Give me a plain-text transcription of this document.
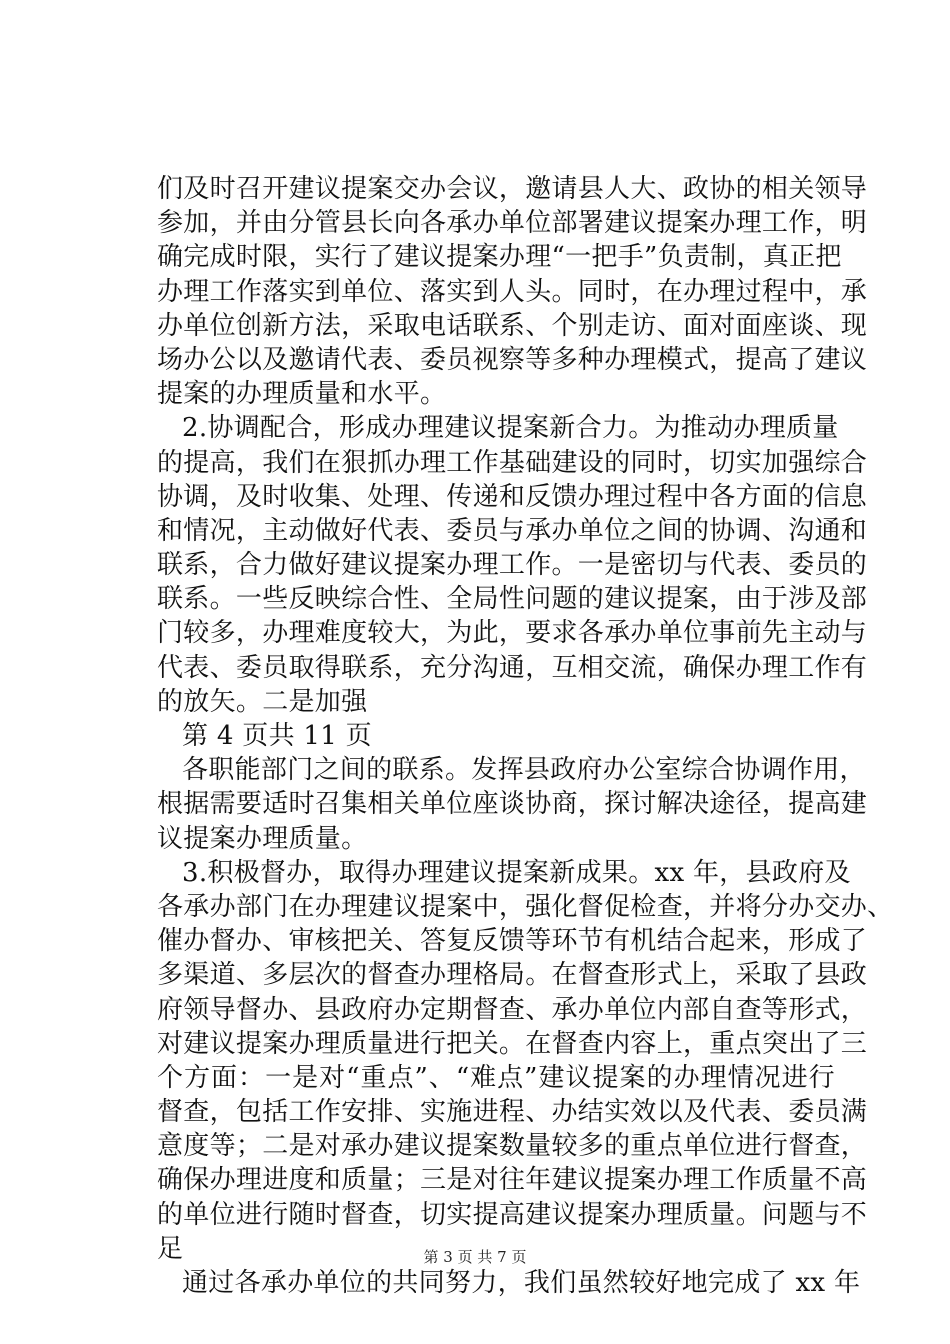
们及时召开建议提案交办会议，邀请县人大、政协的相关领导
参加，并由分管县长向各承办单位部署建议提案办理工作，明
确完成时限，实行了建议提案办理“一把手”负责制，真正把
办理工作落实到单位、落实到人头。同时，在办理过程中，承
办单位创新方法，采取电话联系、个别走访、面对面座谈、现
场办公以及邀请代表、委员视察等多种办理模式，提高了建议
提案的办理质量和水平。
2.协调配合，形成办理建议提案新合力。为推动办理质量
的提高，我们在狠抓办理工作基础建设的同时，切实加强综合
协调，及时收集、处理、传递和反馈办理过程中各方面的信息
和情况，主动做好代表、委员与承办单位之间的协调、沟通和
联系，合力做好建议提案办理工作。一是密切与代表、委员的
联系。一些反映综合性、全局性问题的建议提案，由于涉及部
门较多，办理难度较大，为此，要求各承办单位事前先主动与
代表、委员取得联系，充分沟通，互相交流，确保办理工作有
的放矢。二是加强
第 4 页共 11 页
各职能部门之间的联系。发挥县政府办公室综合协调作用，
根据需要适时召集相关单位座谈协商，探讨解决途径，提高建
议提案办理质量。
3.积极督办，取得办理建议提案新成果。xx 年，县政府及
各承办部门在办理建议提案中，强化督促检查，并将分办交办、
催办督办、审核把关、答复反馈等环节有机结合起来，形成了
多渠道、多层次的督查办理格局。在督查形式上，采取了县政
府领导督办、县政府办定期督查、承办单位内部自查等形式，
对建议提案办理质量进行把关。在督查内容上，重点突出了三
个方面：一是对“重点”、“难点”建议提案的办理情况进行
督查，包括工作安排、实施进程、办结实效以及代表、委员满
意度等；二是对承办建议提案数量较多的重点单位进行督查，
确保办理进度和质量；三是对往年建议提案办理工作质量不高
的单位进行随时督查，切实提高建议提案办理质量。问题与不
足
通过各承办单位的共同努力，我们虽然较好地完成了 xx 年
第 3 页 共 7 页
